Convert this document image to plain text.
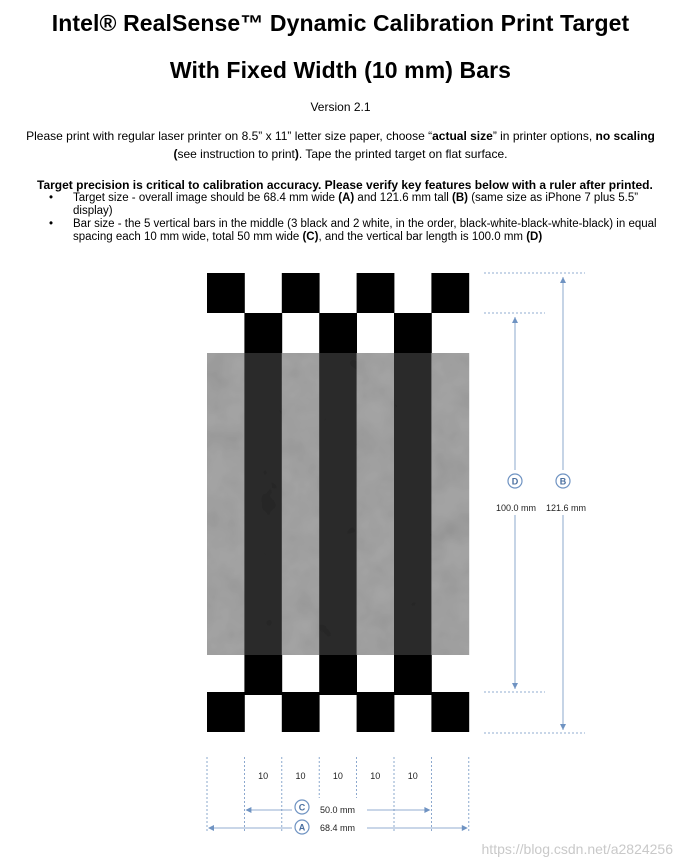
Intel® RealSense™ Dynamic Calibration Print Target
With Fixed Width (10 mm) Bars
Version 2.1
Please print with regular laser printer on 8.5” x 11” letter size paper, choose “actual size” in printer options, no scaling (see instruction to print). Tape the printed target on flat surface.
Target precision is critical to calibration accuracy. Please verify key features below with a ruler after printed.
• Target size - overall image should be 68.4 mm wide (A) and 121.6 mm tall (B) (same size as iPhone 7 plus 5.5” display)
• Bar size - the 5 vertical bars in the middle (3 black and 2 white, in the order, black-white-black-white-black) in equal spacing each 10 mm wide, total 50 mm wide (C), and the vertical bar length is 100.0 mm (D)
D	B
100.0 mm 121.6 mm
10	10	10	10	10
C 50.0 mm
A 68.4 mm
https://blog.csdn.net/a2824256
